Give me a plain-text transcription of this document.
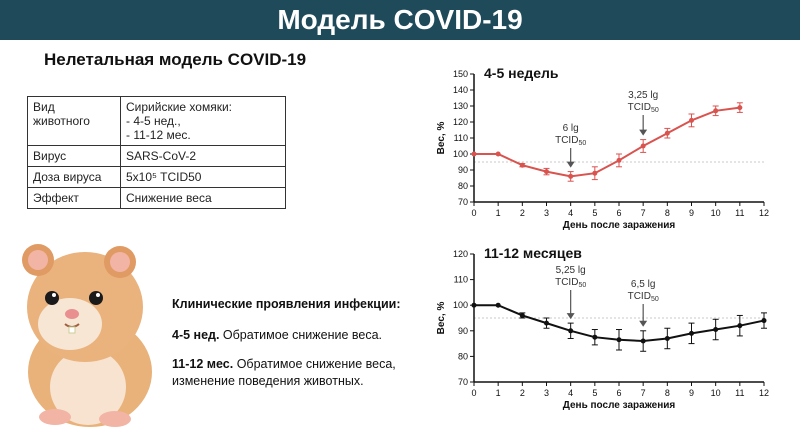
Модель COVID-19
Нелетальная модель COVID-19
Вид
животного	Сирийские хомяки:
- 4-5 нед.,
- 11-12 мес.
Вирус	SARS-CoV-2
Доза вируса	5x10⁵ TCID50
Эффект	Снижение веса
Клинические проявления инфекции:

4-5 нед. Обратимое снижение веса.

11-12 мес. Обратимое снижение веса, изменение поведения животных.

70
80
90
100
110
120
130
140
150
0 1 2 3 4 5 6 7 8 9 10 11 12
День после заражения
Вес, %
4-5 недель
6 lg
$TCID_{50}$
3,25 lg
$TCID_{50}$
70
80
90
100
110
120
0 1 2 3 4 5 6 7 8 9 10 11 12
День после заражения
Вес, %
11-12 месяцев
5,25 lg
$TCID_{50}$	6,5 lg
$TCID_{50}$
